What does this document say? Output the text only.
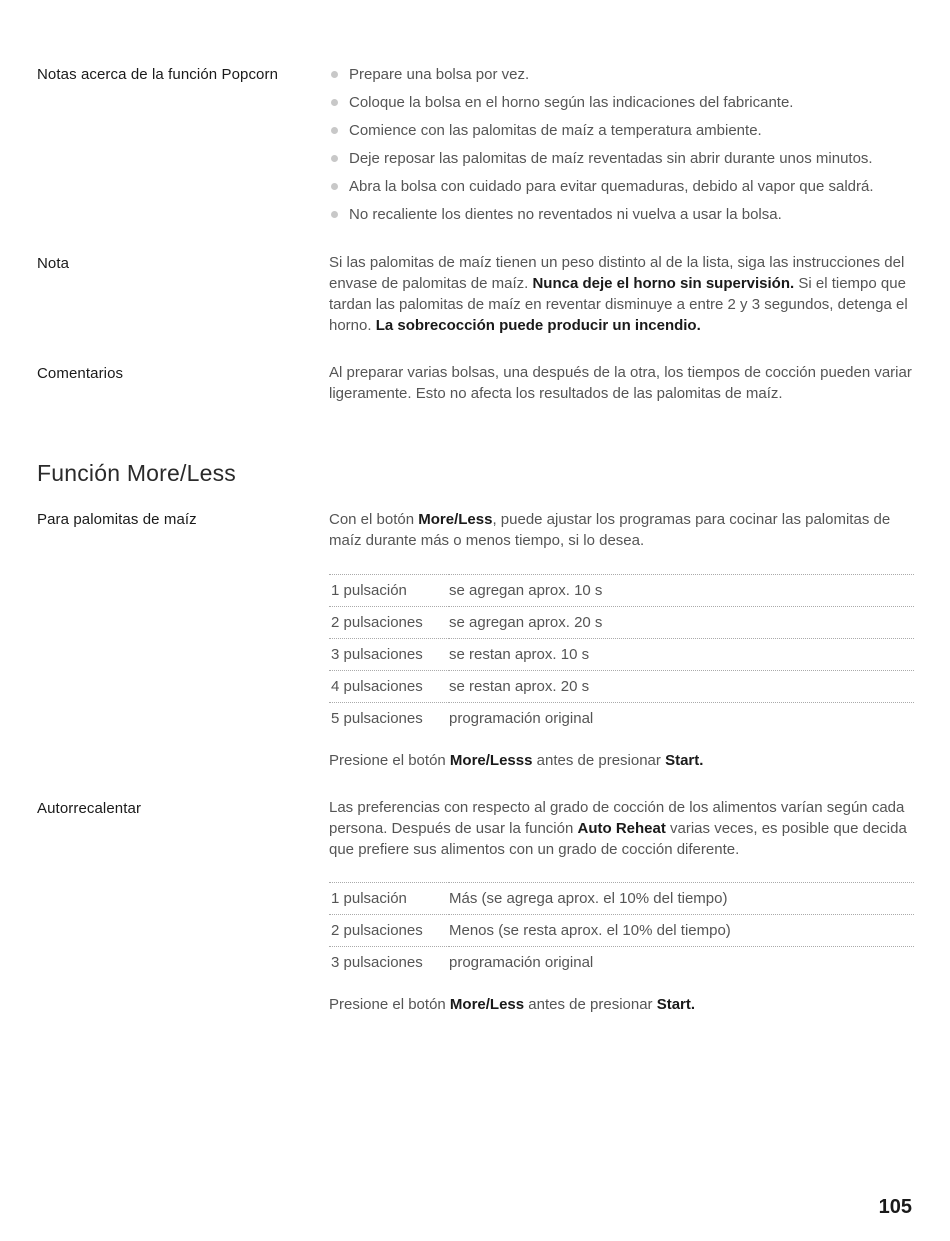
Notas acerca de la función Popcorn	Prepare una bolsa por vez.
Coloque la bolsa en el horno según las indicaciones del fabricante.
Comience con las palomitas de maíz a temperatura ambiente.
Deje reposar las palomitas de maíz reventadas sin abrir durante unos minutos.
Abra la bolsa con cuidado para evitar quemaduras, debido al vapor que saldrá.
No recaliente los dientes no reventados ni vuelva a usar la bolsa.
Nota	Si las palomitas de maíz tienen un peso distinto al de la lista, siga las instrucciones del envase de palomitas de maíz. Nunca deje el horno sin supervisión. Si el tiempo que tardan las palomitas de maíz en reventar disminuye a entre 2 y 3 segundos, detenga el horno. La sobrecocción puede producir un incendio.
Comentarios	Al preparar varias bolsas, una después de la otra, los tiempos de cocción pueden variar ligeramente. Esto no afecta los resultados de las palomitas de maíz.
Función More/Less
Para palomitas de maíz	Con el botón More/Less, puede ajustar los programas para cocinar las palomitas de maíz durante más o menos tiempo, si lo desea.
1 pulsación	se agregan aprox. 10 s
2 pulsaciones	se agregan aprox. 20 s
3 pulsaciones	se restan aprox. 10 s
4 pulsaciones	se restan aprox. 20 s
5 pulsaciones	programación original
Presione el botón More/Lesss antes de presionar Start.
Autorrecalentar	Las preferencias con respecto al grado de cocción de los alimentos varían según cada persona. Después de usar la función Auto Reheat varias veces, es posible que decida que prefiere sus alimentos con un grado de cocción diferente.
1 pulsación	Más (se agrega aprox. el 10% del tiempo)
2 pulsaciones	Menos (se resta aprox. el 10% del tiempo)
3 pulsaciones	programación original
Presione el botón More/Less antes de presionar Start.
105
